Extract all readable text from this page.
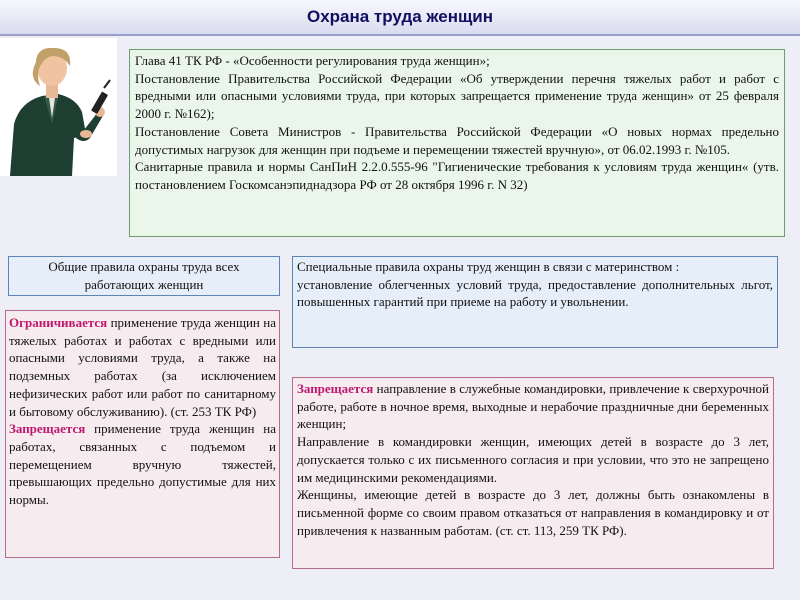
Охрана труда женщин

Глава 41 ТК РФ - «Особенности регулирования труда женщин»;

Постановление Правительства Российской Федерации «Об утверждении перечня тяжелых работ и работ с вредными или опасными условиями труда, при которых запрещается применение труда женщин» от 25 февраля 2000 г. №162);

Постановление Совета Министров - Правительства Российской Федерации «О новых нормах предельно допустимых нагрузок для женщин при подъеме и перемещении тяжестей вручную», от 06.02.1993 г. №105.

Санитарные правила и нормы СанПиН 2.2.0.555-96 "Гигиенические требования к условиям труда женщин« (утв. постановлением Госкомсанэпиднадзора РФ от 28 октября 1996 г. N 32)

Общие правила охраны труда всех работающих женщин

Специальные правила охраны труд женщин в связи с материнством :

установление облегченных условий труда, предоставление дополнительных льгот, повышенных гарантий при приеме на работу и увольнении.

Ограничивается применение труда женщин на тяжелых работах и работах с вредными или опасными условиями труда, а также на подземных работах (за исключением нефизических работ или работ по санитарному и бытовому обслуживанию). (ст. 253 ТК РФ)

Запрещается применение труда женщин на работах, связанных с подъемом и перемещением вручную тяжестей, превышающих предельно допустимые для них нормы.

Запрещается направление в служебные командировки, привлечение к сверхурочной работе, работе в ночное время, выходные и нерабочие праздничные дни беременных женщин;

Направление в командировки женщин, имеющих детей в возрасте до 3 лет, допускается только с их письменного согласия и при условии, что это не запрещено им медицинскими рекомендациями.

Женщины, имеющие детей в возрасте до 3 лет, должны быть ознакомлены в письменной форме со своим правом отказаться от направления в командировку и от привлечения к названным работам. (ст. ст. 113, 259 ТК РФ).
